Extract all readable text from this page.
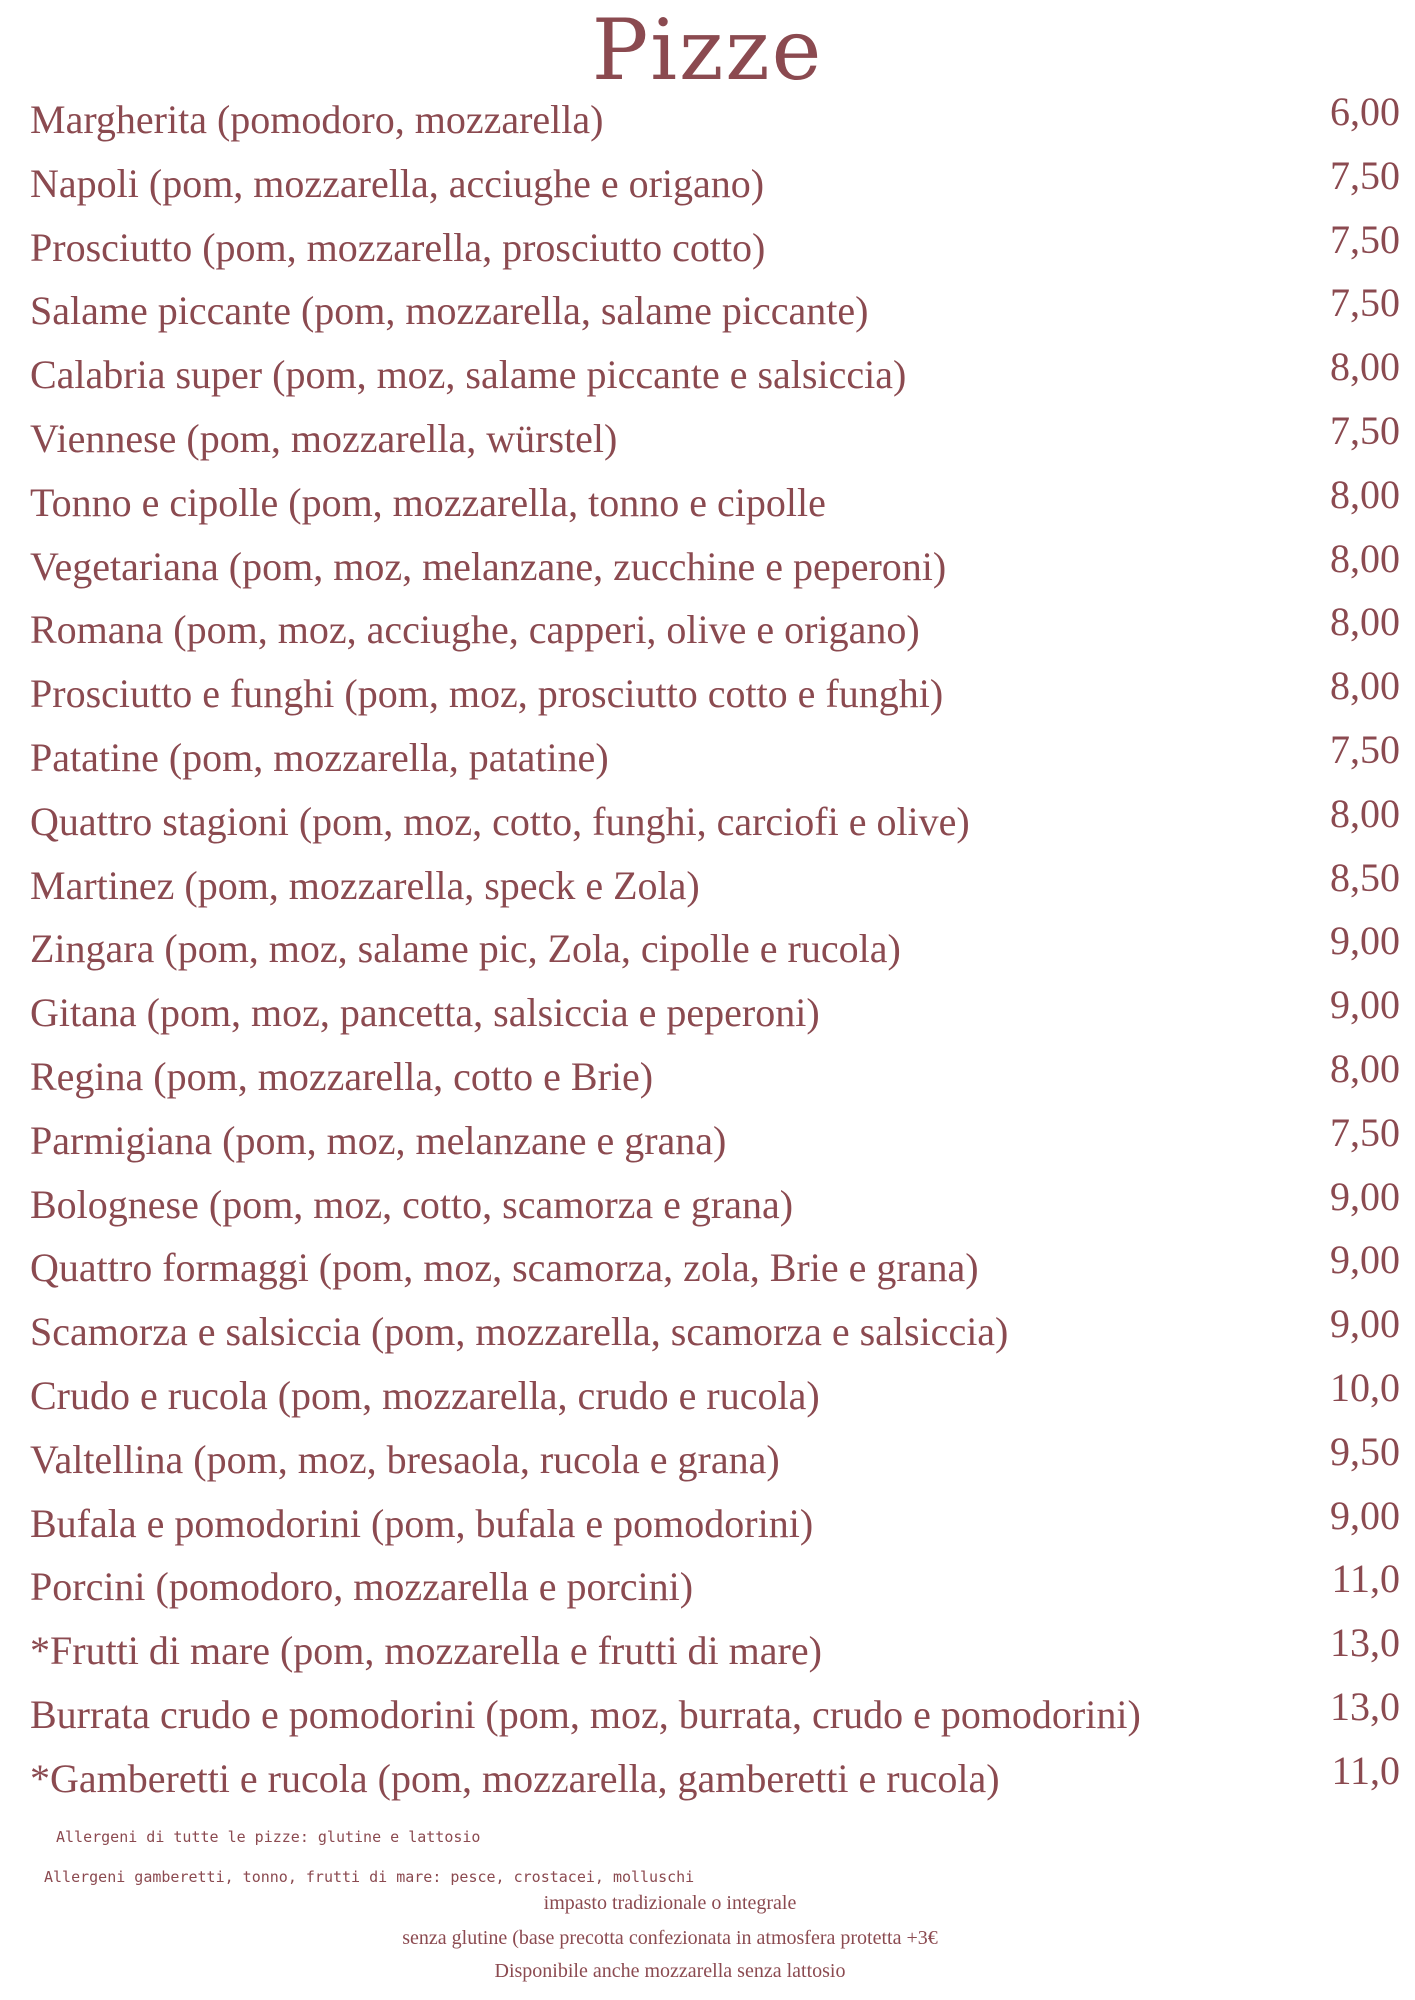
Pizze
Margherita (pomodoro, mozzarella)	6,00
Napoli (pom, mozzarella, acciughe e origano)	7,50
Prosciutto (pom, mozzarella, prosciutto cotto)	7,50
Salame piccante (pom, mozzarella, salame piccante)	7,50
Calabria super (pom, moz, salame piccante e salsiccia)	8,00
Viennese (pom, mozzarella, würstel)	7,50
Tonno e cipolle (pom, mozzarella, tonno e cipolle	8,00
Vegetariana (pom, moz, melanzane, zucchine e peperoni)	8,00
Romana (pom, moz, acciughe, capperi, olive e origano)	8,00
Prosciutto e funghi (pom, moz, prosciutto cotto e funghi)	8,00
Patatine (pom, mozzarella, patatine)	7,50
Quattro stagioni (pom, moz, cotto, funghi, carciofi e olive)	8,00
Martinez (pom, mozzarella, speck e Zola)	8,50
Zingara (pom, moz, salame pic, Zola, cipolle e rucola)	9,00
Gitana (pom, moz, pancetta, salsiccia e peperoni)	9,00
Regina (pom, mozzarella, cotto e Brie)	8,00
Parmigiana (pom, moz, melanzane e grana)	7,50
Bolognese (pom, moz, cotto, scamorza e grana)	9,00
Quattro formaggi (pom, moz, scamorza, zola, Brie e grana)	9,00
Scamorza e salsiccia (pom, mozzarella, scamorza e salsiccia)	9,00
Crudo e rucola (pom, mozzarella, crudo e rucola)	10,0
Valtellina (pom, moz, bresaola, rucola e grana)	9,50
Bufala e pomodorini (pom, bufala e pomodorini)	9,00
Porcini (pomodoro, mozzarella e porcini)	11,0
*Frutti di mare (pom, mozzarella e frutti di mare)	13,0
Burrata crudo e pomodorini (pom, moz, burrata, crudo e pomodorini)	13,0
*Gamberetti e rucola (pom, mozzarella, gamberetti e rucola)	11,0
Allergeni di tutte le pizze: glutine e lattosio
Allergeni gamberetti, tonno, frutti di mare: pesce, crostacei, molluschi
impasto tradizionale o integrale
senza glutine (base precotta confezionata in atmosfera protetta +3€
Disponibile anche mozzarella senza lattosio
